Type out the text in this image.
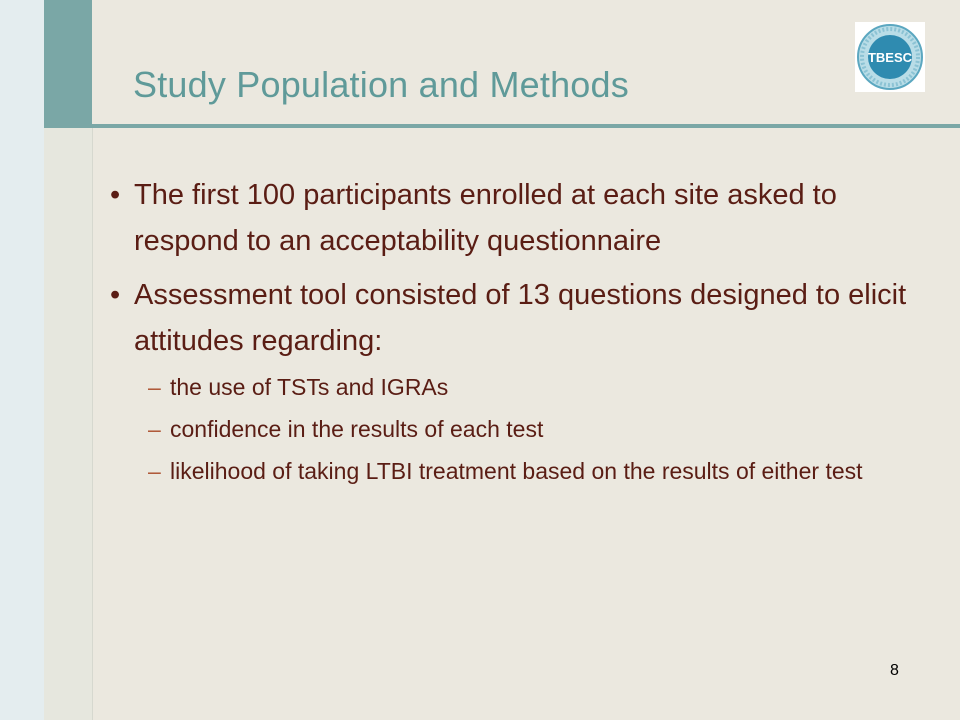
Study Population and Methods
TBESC
• The first 100 participants enrolled at each site asked to respond to an acceptability questionnaire
• Assessment tool consisted of 13 questions designed to elicit attitudes regarding:
– the use of TSTs and IGRAs
– confidence in the results of each test
– likelihood of taking LTBI treatment based on the results of either test
8
